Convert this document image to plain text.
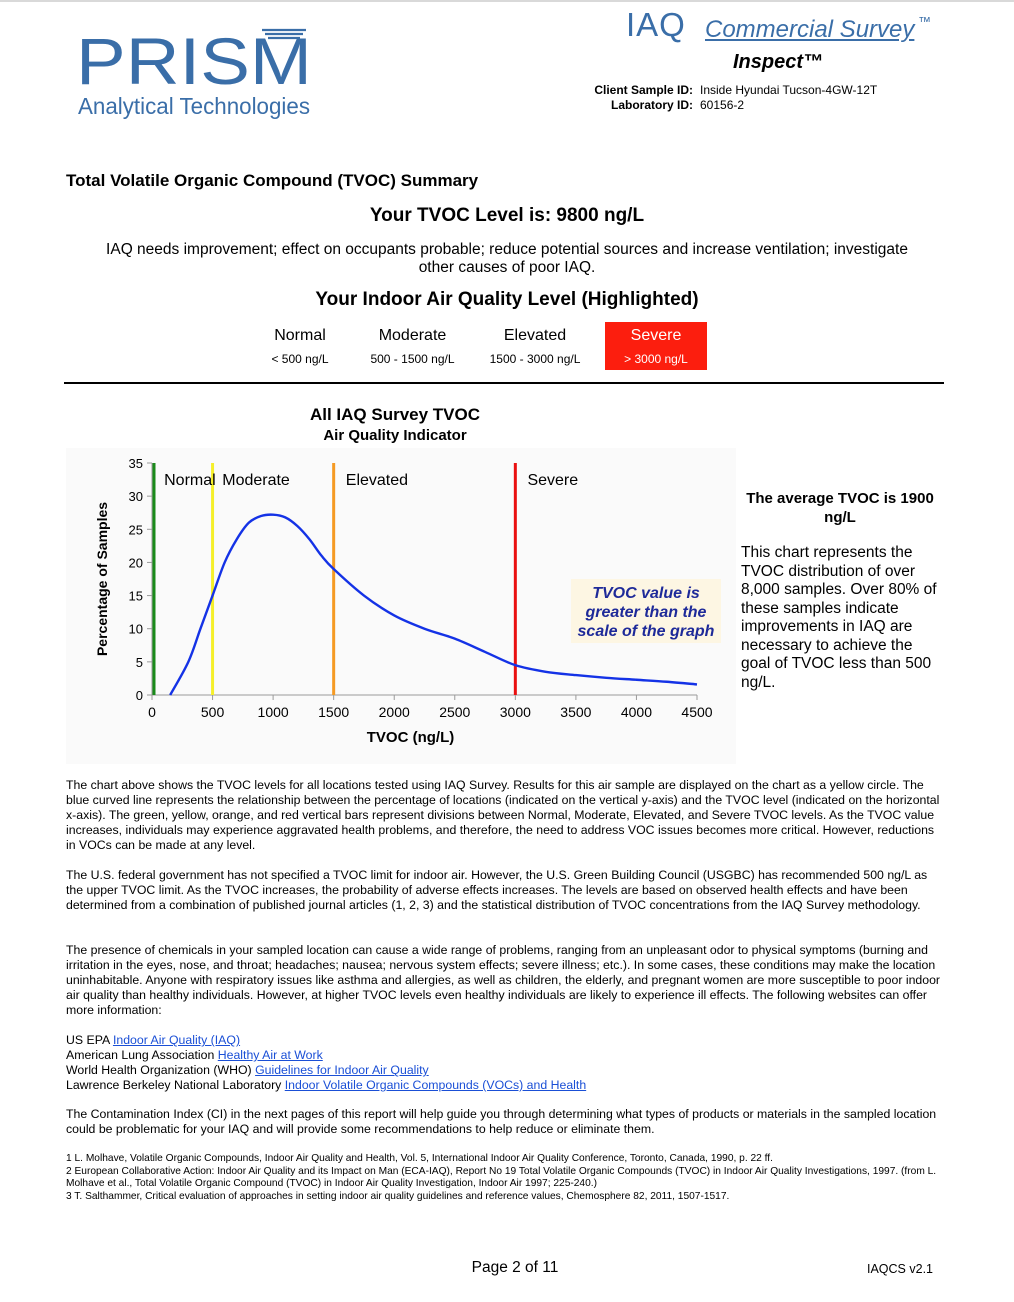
PRISM
Analytical Technologies
IAQ Commercial Survey ™
Inspect™
Client Sample ID: Inside Hyundai Tucson-4GW-12T
Laboratory ID: 60156-2
Total Volatile Organic Compound (TVOC) Summary
Your TVOC Level is: 9800 ng/L
IAQ needs improvement; effect on occupants probable; reduce potential sources and increase ventilation; investigate other causes of poor IAQ.
Your Indoor Air Quality Level (Highlighted)
Normal
< 500 ng/L
Moderate
500 - 1500 ng/L
Elevated
1500 - 3000 ng/L
Severe
> 3000 ng/L
All IAQ Survey TVOC
Air Quality Indicator
0
5
10
15
20
25
30
35
0	500 1000 1500 2000 2500 3000 3500 4000 4500
TVOC (ng/L)
Percentage of Samples
Normal Moderate	Elevated	Severe
TVOC value is
greater than the
scale of the graph
The average TVOC is 1900 ng/L
This chart represents the TVOC distribution of over 8,000 samples. Over 80% of these samples indicate improvements in IAQ are necessary to achieve the goal of TVOC less than 500 ng/L.
The chart above shows the TVOC levels for all locations tested using IAQ Survey. Results for this air sample are displayed on the chart as a yellow circle. The blue curved line represents the relationship between the percentage of locations (indicated on the vertical y-axis) and the TVOC level (indicated on the horizontal x-axis). The green, yellow, orange, and red vertical bars represent divisions between Normal, Moderate, Elevated, and Severe TVOC levels. As the TVOC value increases, individuals may experience aggravated health problems, and therefore, the need to address VOC issues becomes more critical. However, reductions in VOCs can be made at any level.
The U.S. federal government has not specified a TVOC limit for indoor air. However, the U.S. Green Building Council (USGBC) has recommended 500 ng/L as the upper TVOC limit. As the TVOC increases, the probability of adverse effects increases. The levels are based on observed health effects and have been determined from a combination of published journal articles (1, 2, 3) and the statistical distribution of TVOC concentrations from the IAQ Survey methodology.
The presence of chemicals in your sampled location can cause a wide range of problems, ranging from an unpleasant odor to physical symptoms (burning and irritation in the eyes, nose, and throat; headaches; nausea; nervous system effects; severe illness; etc.). In some cases, these conditions may make the location uninhabitable. Anyone with respiratory issues like asthma and allergies, as well as children, the elderly, and pregnant women are more susceptible to poor indoor air quality than healthy individuals. However, at higher TVOC levels even healthy individuals are likely to experience ill effects. The following websites can offer more information:
US EPA Indoor Air Quality (IAQ)
American Lung Association Healthy Air at Work
World Health Organization (WHO) Guidelines for Indoor Air Quality
Lawrence Berkeley National Laboratory Indoor Volatile Organic Compounds (VOCs) and Health
The Contamination Index (CI) in the next pages of this report will help guide you through determining what types of products or materials in the sampled location could be problematic for your IAQ and will provide some recommendations to help reduce or eliminate them.
1 L. Molhave, Volatile Organic Compounds, Indoor Air Quality and Health, Vol. 5, International Indoor Air Quality Conference, Toronto, Canada, 1990, p. 22 ff.
2 European Collaborative Action: Indoor Air Quality and its Impact on Man (ECA-IAQ), Report No 19 Total Volatile Organic Compounds (TVOC) in Indoor Air Quality Investigations, 1997. (from L. Molhave et al., Total Volatile Organic Compound (TVOC) in Indoor Air Quality Investigation, Indoor Air 1997; 225-240.)
3 T. Salthammer, Critical evaluation of approaches in setting indoor air quality guidelines and reference values, Chemosphere 82, 2011, 1507-1517.
Page 2 of 11	IAQCS v2.1
